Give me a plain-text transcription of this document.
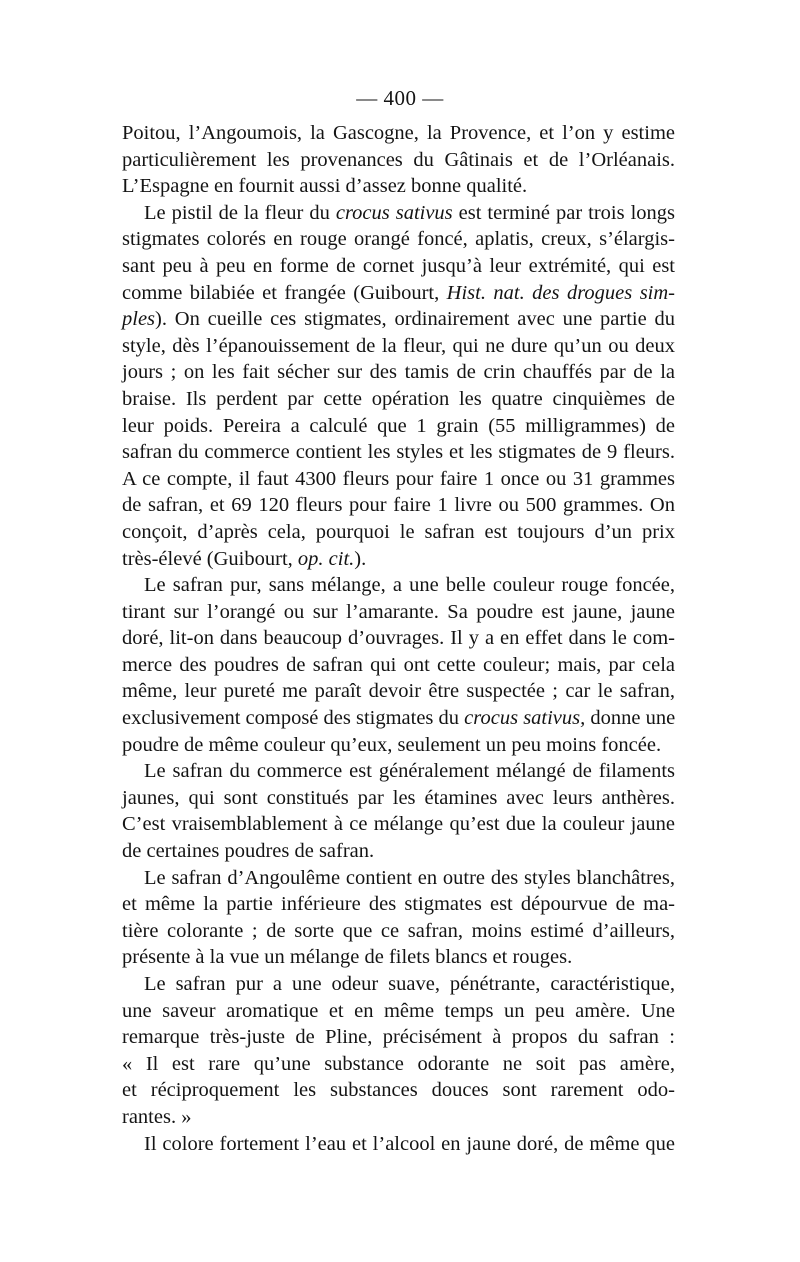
— 400 —
Poitou, l’Angoumois, la Gascogne, la Provence, et l’on y estime
particulièrement les provenances du Gâtinais et de l’Orléanais.
L’Espagne en fournit aussi d’assez bonne qualité.
Le pistil de la fleur du crocus sativus est terminé par trois longs
stigmates colorés en rouge orangé foncé, aplatis, creux, s’élargis-
sant peu à peu en forme de cornet jusqu’à leur extrémité, qui est
comme bilabiée et frangée (Guibourt, Hist. nat. des drogues sim-
ples). On cueille ces stigmates, ordinairement avec une partie du
style, dès l’épanouissement de la fleur, qui ne dure qu’un ou deux
jours ; on les fait sécher sur des tamis de crin chauffés par de la
braise. Ils perdent par cette opération les quatre cinquièmes de
leur poids. Pereira a calculé que 1 grain (55 milligrammes) de
safran du commerce contient les styles et les stigmates de 9 fleurs.
A ce compte, il faut 4300 fleurs pour faire 1 once ou 31 grammes
de safran, et 69 120 fleurs pour faire 1 livre ou 500 grammes. On
conçoit, d’après cela, pourquoi le safran est toujours d’un prix
très-élevé (Guibourt, op. cit.).
Le safran pur, sans mélange, a une belle couleur rouge foncée,
tirant sur l’orangé ou sur l’amarante. Sa poudre est jaune, jaune
doré, lit-on dans beaucoup d’ouvrages. Il y a en effet dans le com-
merce des poudres de safran qui ont cette couleur; mais, par cela
même, leur pureté me paraît devoir être suspectée ; car le safran,
exclusivement composé des stigmates du crocus sativus, donne une
poudre de même couleur qu’eux, seulement un peu moins foncée.
Le safran du commerce est généralement mélangé de filaments
jaunes, qui sont constitués par les étamines avec leurs anthères.
C’est vraisemblablement à ce mélange qu’est due la couleur jaune
de certaines poudres de safran.
Le safran d’Angoulême contient en outre des styles blanchâtres,
et même la partie inférieure des stigmates est dépourvue de ma-
tière colorante ; de sorte que ce safran, moins estimé d’ailleurs,
présente à la vue un mélange de filets blancs et rouges.
Le safran pur a une odeur suave, pénétrante, caractéristique,
une saveur aromatique et en même temps un peu amère. Une
remarque très-juste de Pline, précisément à propos du safran :
« Il est rare qu’une substance odorante ne soit pas amère,
et réciproquement les substances douces sont rarement odo-
rantes. »
Il colore fortement l’eau et l’alcool en jaune doré, de même que
